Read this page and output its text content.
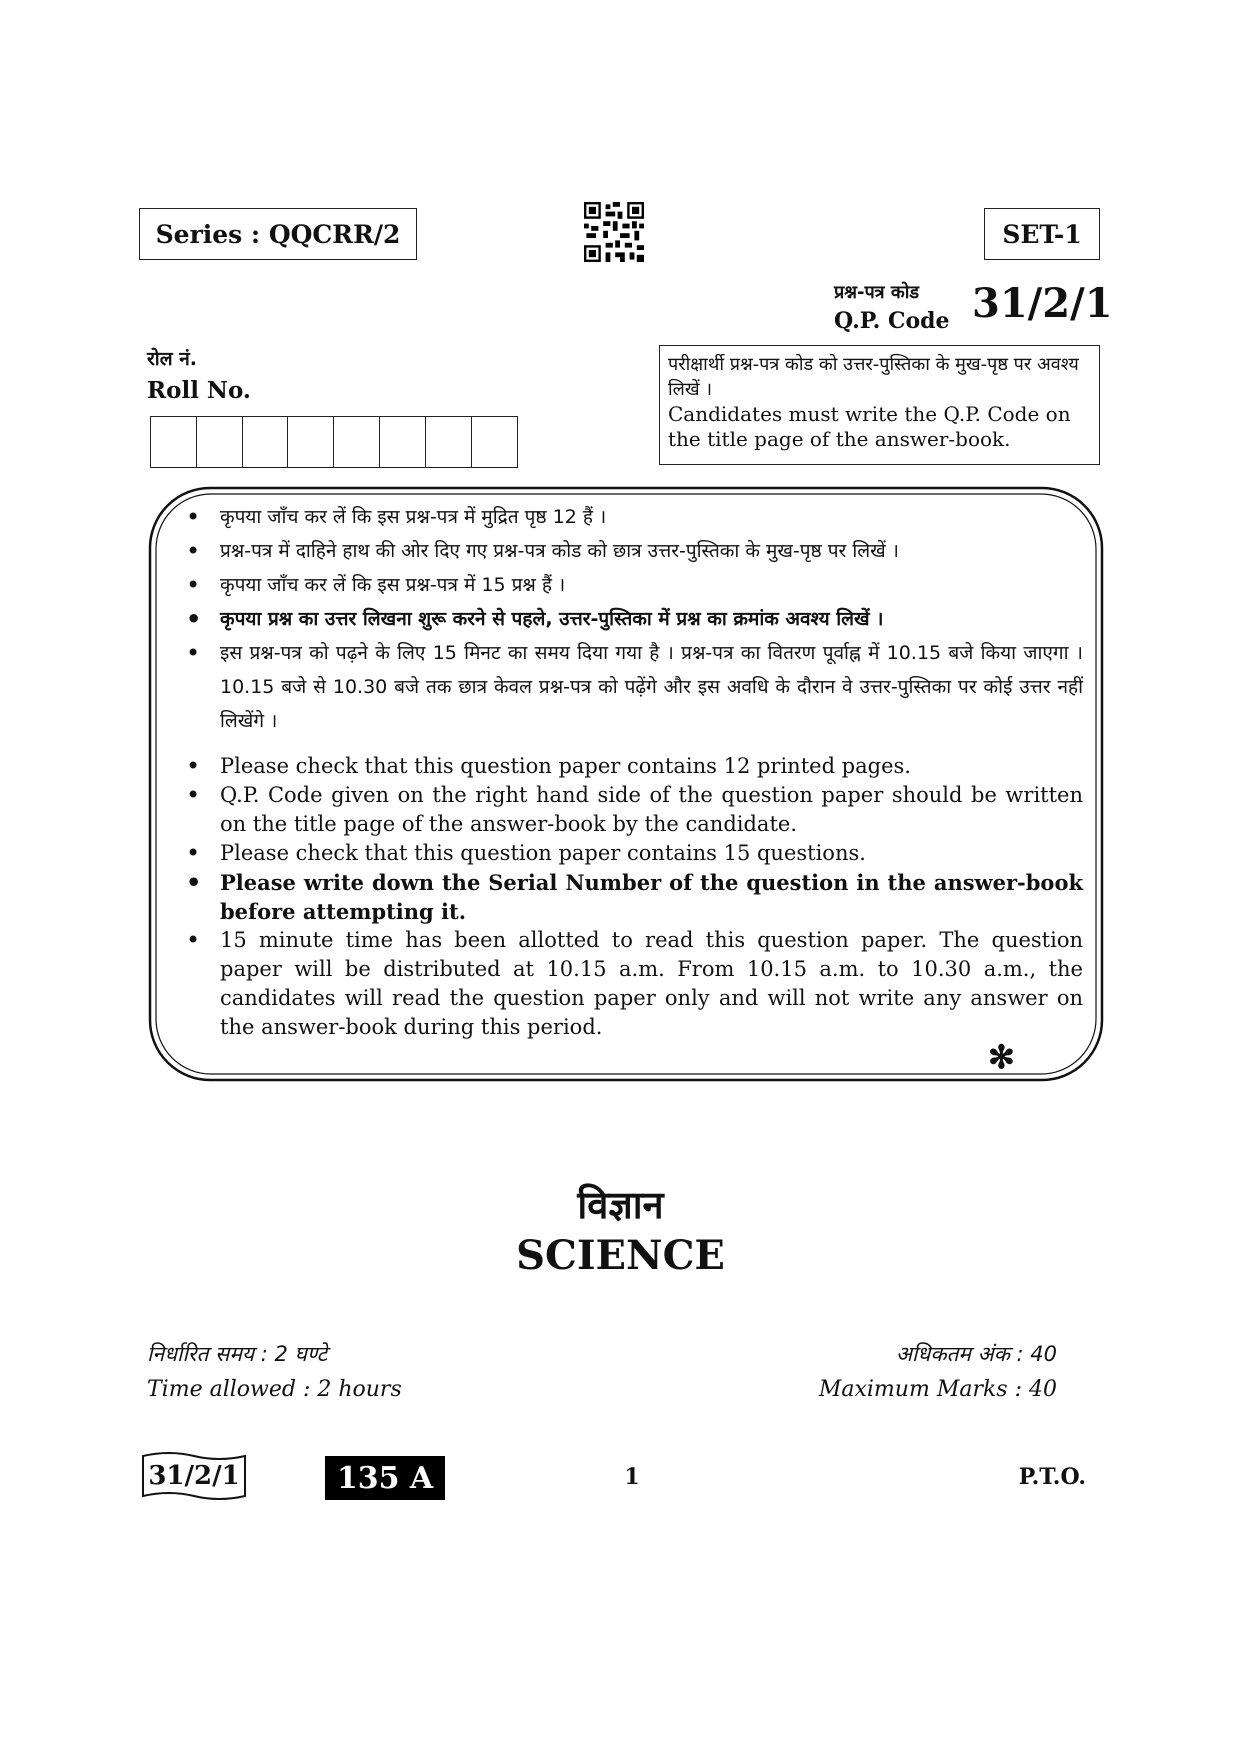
Series : QQCRR/2	SET-1
प्रश्न-पत्र कोड
Q.P. Code 31/2/1
रोल नं.
Roll No.
परीक्षार्थी प्रश्न-पत्र कोड को उत्तर-पुस्तिका के मुख-पृष्ठ पर अवश्य लिखें ।
Candidates must write the Q.P. Code on the title page of the answer-book.
• कृपया जाँच कर लें कि इस प्रश्न-पत्र में मुद्रित पृष्ठ 12 हैं ।
• प्रश्न-पत्र में दाहिने हाथ की ओर दिए गए प्रश्न-पत्र कोड को छात्र उत्तर-पुस्तिका के मुख-पृष्ठ पर लिखें ।
• कृपया जाँच कर लें कि इस प्रश्न-पत्र में 15 प्रश्न हैं ।
• कृपया प्रश्न का उत्तर लिखना शुरू करने से पहले, उत्तर-पुस्तिका में प्रश्न का क्रमांक अवश्य लिखें ।
• इस प्रश्न-पत्र को पढ़ने के लिए 15 मिनट का समय दिया गया है । प्रश्न-पत्र का वितरण पूर्वाह्न में 10.15 बजे किया जाएगा । 10.15 बजे से 10.30 बजे तक छात्र केवल प्रश्न-पत्र को पढ़ेंगे और इस अवधि के दौरान वे उत्तर-पुस्तिका पर कोई उत्तर नहीं लिखेंगे ।
• Please check that this question paper contains 12 printed pages.
• Q.P. Code given on the right hand side of the question paper should be written on the title page of the answer-book by the candidate.
• Please check that this question paper contains 15 questions.
• Please write down the Serial Number of the question in the answer-book before attempting it.
• 15 minute time has been allotted to read this question paper. The question paper will be distributed at 10.15 a.m. From 10.15 a.m. to 10.30 a.m., the candidates will read the question paper only and will not write any answer on the answer-book during this period.
✻
विज्ञान
SCIENCE
निर्धारित समय : 2 घण्टे
Time allowed : 2 hours
अधिकतम अंक : 40
Maximum Marks : 40
31/2/1	135 A	1	P.T.O.
